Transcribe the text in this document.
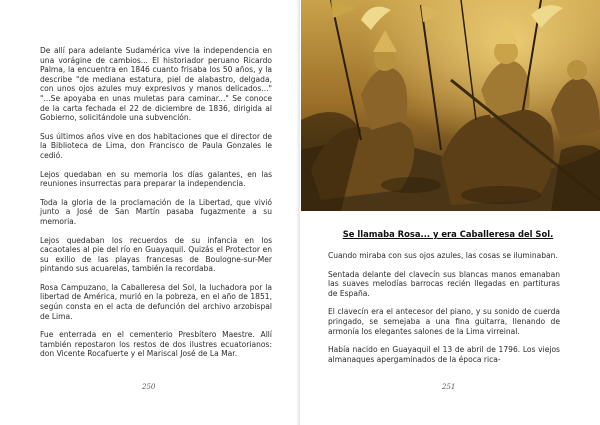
De allí para adelante Sudamérica vive la independencia en una vorágine de cambios... El historiador peruano Ricardo Palma, la encuentra en 1846 cuanto frisaba los 50 años, y la describe "de mediana estatura, piel de alabastro, delgada, con unos ojos azules muy expresivos y manos delicados..." "...Se apoyaba en unas muletas para caminar..." Se conoce de la carta fechada el 22 de diciembre de 1836, dirigida al Gobierno, solicitándole una subvención.

Sus últimos años vive en dos habitaciones que el director de la Biblioteca de Lima, don Francisco de Paula Gonzales le cedió.

Lejos quedaban en su memoria los días galantes, en las reuniones insurrectas para preparar la independencia.

Toda la gloria de la proclamación de la Libertad, que vivió junto a José de San Martín pasaba fugazmente a su memoria.

Lejos quedaban los recuerdos de su infancia en los cacaotales al pie del río en Guayaquil. Quizás el Protector en su exilio de las playas francesas de Boulogne-sur-Mer pintando sus acuarelas, también la recordaba.

Rosa Campuzano, la Caballeresa del Sol, la luchadora por la libertad de América, murió en la pobreza, en el año de 1851, según consta en el acta de defunción del archivo arzobispal de Lima.

Fue enterrada en el cementerio Presbítero Maestre. Allí también repostaron los restos de dos ilustres ecuatorianos: don Vicente Rocafuerte y el Mariscal José de La Mar.

250
Se llamaba Rosa... y era Caballeresa del Sol.

Cuando miraba con sus ojos azules, las cosas se iluminaban.

Sentada delante del clavecín sus blancas manos emanaban las suaves melodías barrocas recién llegadas en partituras de España.

El clavecín era el antecesor del piano, y su sonido de cuerda pringado, se semejaba a una fina guitarra, llenando de armonía los elegantes salones de la Lima virreinal.

Había nacido en Guayaquil el 13 de abril de 1796. Los viejos almanaques apergaminados de la época rica-

251
